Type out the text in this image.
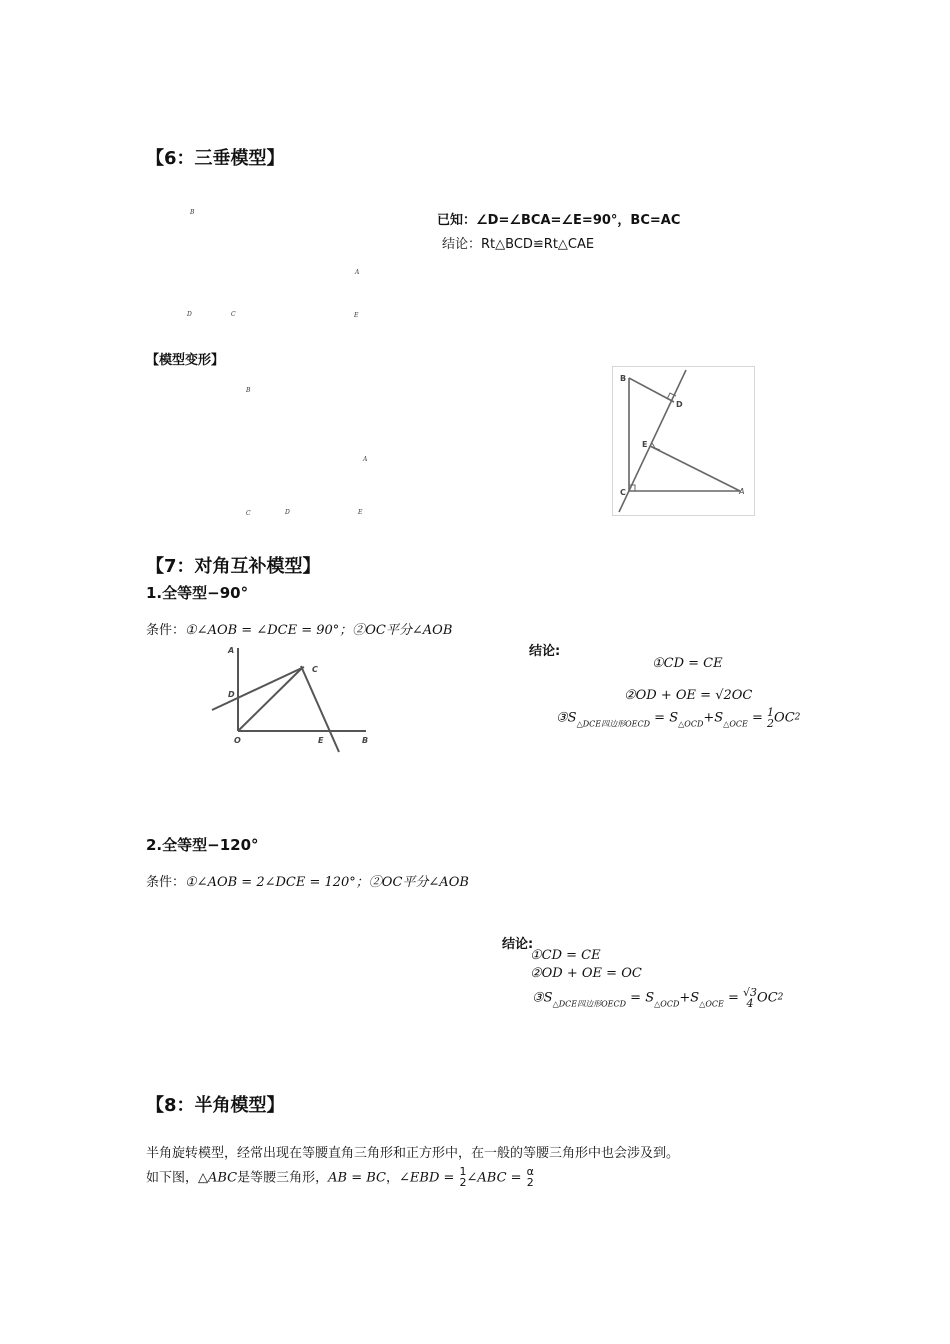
【6：三垂模型】
B
A
D	C	E
已知：∠D=∠BCA=∠E=90°，BC=AC
结论：Rt△BCD≌Rt△CAE
【模型变形】
B
A
C	D	E
B
D
E
C	A
【7：对角互补模型】
1.全等型−90°
条件：①∠AOB = ∠DCE = 90°；②OC平分∠AOB
A
C
D
O	E	B
结论:
①CD = CE
②OD + OE = √2OC
$③S_{\triangle DCE四边形OECD} = S_{\triangle OCD}+S_{\triangle OCE} = 1$
2 $OC^2$
2.全等型−120°
条件：①∠AOB = 2∠DCE = 120°；②OC平分∠AOB
结论:
①CD = CE
②OD + OE = OC
$③S_{\triangle DCE四边形OECD} = S_{\triangle OCD}+S_{\triangle OCE} = √3$
4 $OC^2$
【8：半角模型】
半角旋转模型，经常出现在等腰直角三角形和正方形中，在一般的等腰三角形中也会涉及到。
如下图，△ABC是等腰三角形，AB = BC，∠EBD = 1
2 ∠ABC = α
2
